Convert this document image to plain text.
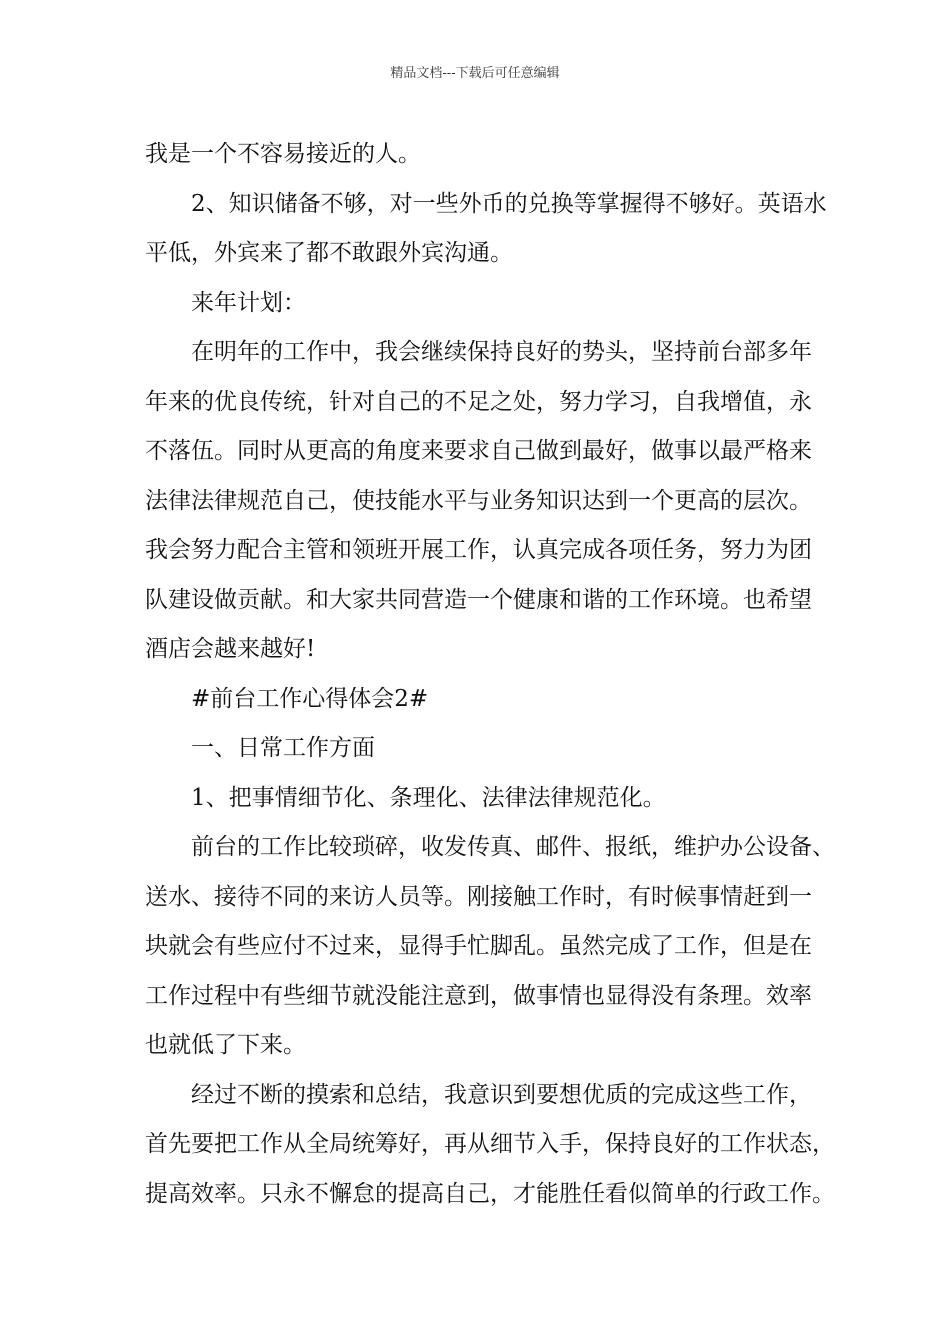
精品文档---下载后可任意编辑
我是一个不容易接近的人。
2、知识储备不够，对一些外币的兑换等掌握得不够好。英语水
平低，外宾来了都不敢跟外宾沟通。
来年计划：
在明年的工作中，我会继续保持良好的势头，坚持前台部多年
年来的优良传统，针对自己的不足之处，努力学习，自我增值，永
不落伍。同时从更高的角度来要求自己做到最好，做事以最严格来
法律法律规范自己，使技能水平与业务知识达到一个更高的层次。
我会努力配合主管和领班开展工作，认真完成各项任务，努力为团
队建设做贡献。和大家共同营造一个健康和谐的工作环境。也希望
酒店会越来越好!
#前台工作心得体会2#
一、日常工作方面
1、把事情细节化、条理化、法律法律规范化。
前台的工作比较琐碎，收发传真、邮件、报纸，维护办公设备、
送水、接待不同的来访人员等。刚接触工作时，有时候事情赶到一
块就会有些应付不过来，显得手忙脚乱。虽然完成了工作，但是在
工作过程中有些细节就没能注意到，做事情也显得没有条理。效率
也就低了下来。
经过不断的摸索和总结，我意识到要想优质的完成这些工作，
首先要把工作从全局统筹好，再从细节入手，保持良好的工作状态，
提高效率。只永不懈怠的提高自己，才能胜任看似简单的行政工作。
